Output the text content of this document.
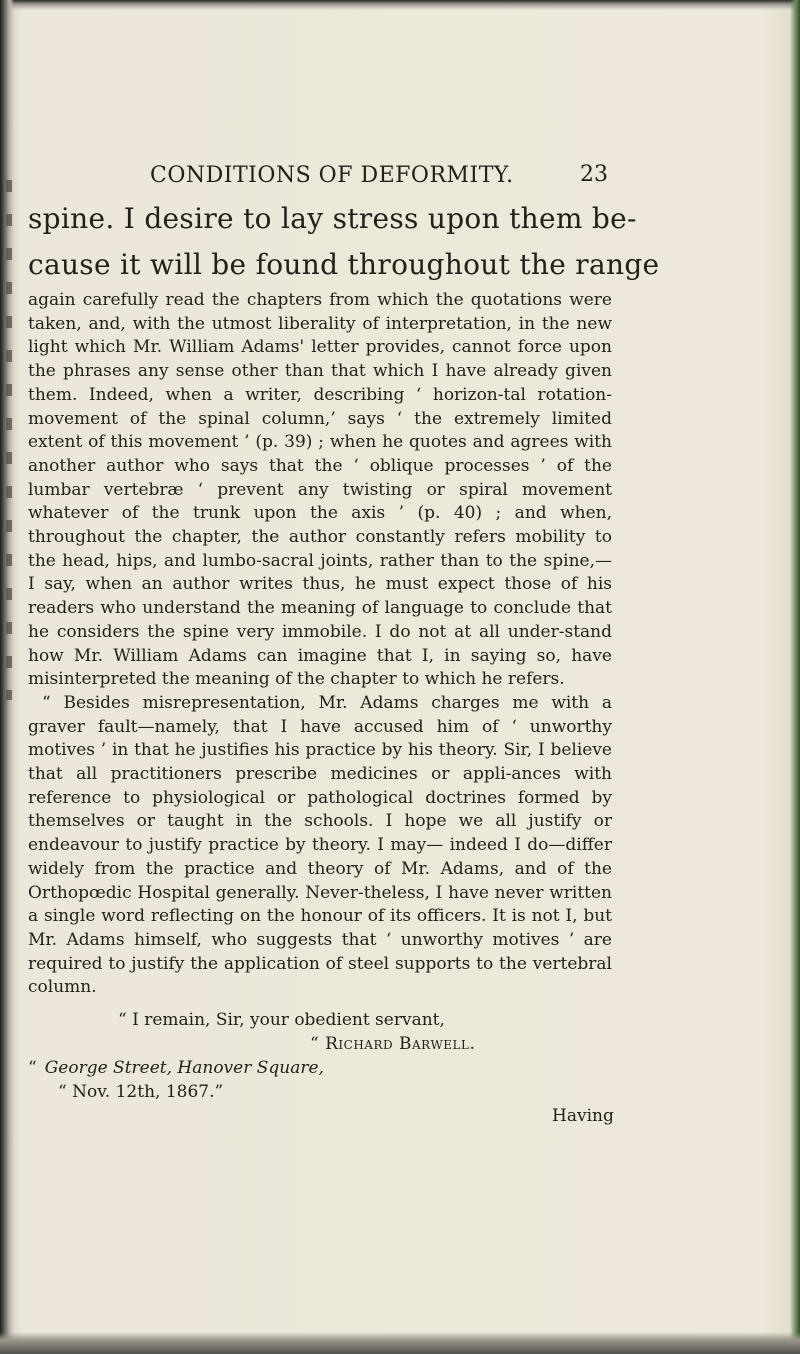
CONDITIONS OF DEFORMITY.	23
spine. I desire to lay stress upon them be-
cause it will be found throughout the range

again carefully read the chapters from which the quotations were taken, and, with the utmost liberality of interpretation, in the new light which Mr. William Adams' letter provides, cannot force upon the phrases any sense other than that which I have already given them. Indeed, when a writer, describing ‘ horizon-tal rotation-movement of the spinal column,’ says ‘ the extremely limited extent of this movement ’ (p. 39) ; when he quotes and agrees with another author who says that the ‘ oblique processes ’ of the lumbar vertebræ ‘ prevent any twisting or spiral movement whatever of the trunk upon the axis ’ (p. 40) ; and when, throughout the chapter, the author constantly refers mobility to the head, hips, and lumbo-sacral joints, rather than to the spine,— I say, when an author writes thus, he must expect those of his readers who understand the meaning of language to conclude that he considers the spine very immobile. I do not at all under-stand how Mr. William Adams can imagine that I, in saying so, have misinterpreted the meaning of the chapter to which he refers.

“ Besides misrepresentation, Mr. Adams charges me with a graver fault—namely, that I have accused him of ‘ unworthy motives ’ in that he justifies his practice by his theory. Sir, I believe that all practitioners prescribe medicines or appli-ances with reference to physiological or pathological doctrines formed by themselves or taught in the schools. I hope we all justify or endeavour to justify practice by theory. I may— indeed I do—differ widely from the practice and theory of Mr. Adams, and of the Orthopœdic Hospital generally. Never-theless, I have never written a single word reflecting on the honour of its officers. It is not I, but Mr. Adams himself, who suggests that ‘ unworthy motives ’ are required to justify the application of steel supports to the vertebral column.

“ I remain, Sir, your obedient servant,
“ Richard Barwell.
“ George Street, Hanover Square,
“ Nov. 12th, 1867.”
Having
